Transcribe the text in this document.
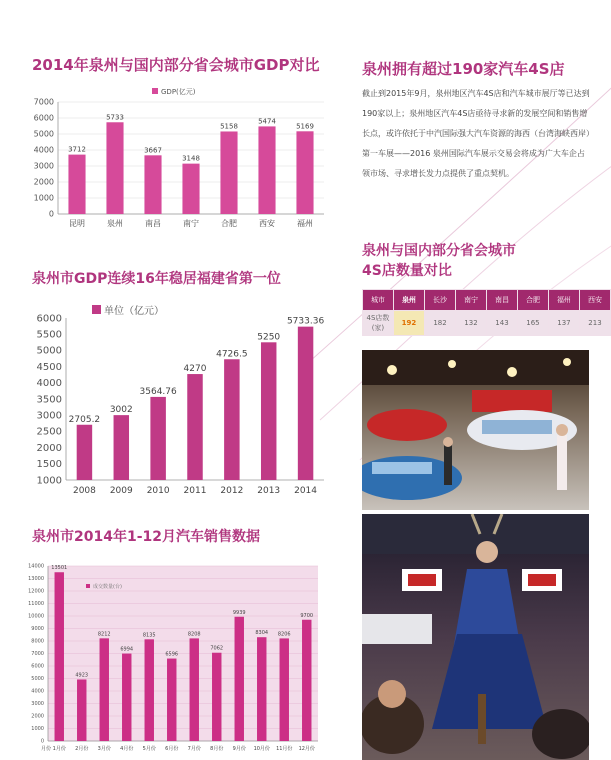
2014年泉州与国内部分省会城市GDP对比
0
1000
2000
3000
4000
5000
6000
7000
3712
昆明
5733
泉州
3667
南昌
3148
南宁
5158
合肥
5474
西安
5169
福州
GDP(亿元)
泉州市GDP连续16年稳居福建省第一位
1000
1500
2000
2500
3000
3500
4000
4500
5000
5500
6000
2705.2
2008
3002
2009
3564.76
2010
4270
2011
4726.5
2012
5250
2013
5733.36
2014
单位（亿元）
泉州市2014年1-12月汽车销售数据
0
1000
2000
3000
4000
5000
6000
7000
8000
9000
10000
11000
12000
13000
14000 13501
1月份
4923
2月份
8212
3月份
6994
4月份
8135
5月份
6596
6月份
8208
7月份
7062
8月份
9939
9月份
8304
10月份
8206
11月份
9700
12月份
月份
成交数量(台)
泉州拥有超过190家汽车4S店
截止到2015年9月，泉州地区汽车4S店和汽车城市展厅等已达到190家以上；泉州地区汽车4S店亟待寻求新的发展空间和销售增长点，或许依托于中汽国际强大汽车资源的海西（台湾海峡西岸）第一车展——2016 泉州国际汽车展示交易会将成为广大车企占领市场、寻求增长发力点提供了重点契机。
泉州与国内部分省会城市
4S店数量对比
城市	泉州	长沙	南宁	南昌	合肥	福州	西安

4S店数
(家)	192	182	132	143	165	137	213
